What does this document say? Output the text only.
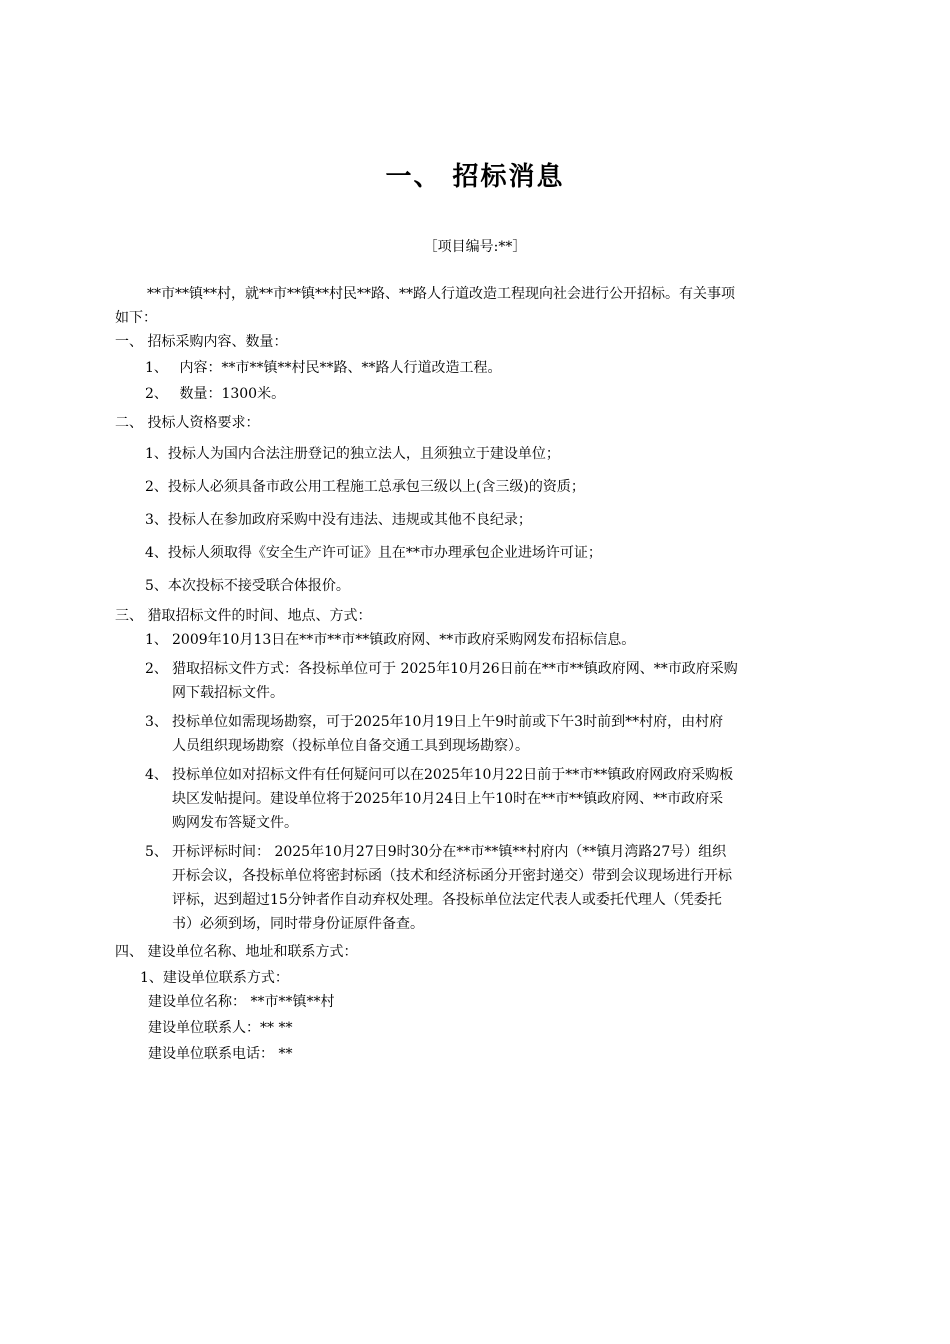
一、 招标消息
［项目编号:**］
**市**镇**村，就**市**镇**村民**路、**路人行道改造工程现向社会进行公开招标。有关事项
如下：
一、 招标采购内容、数量：
1、 内容：**市**镇**村民**路、**路人行道改造工程。
2、 数量：1300米。
二、 投标人资格要求：
1、投标人为国内合法注册登记的独立法人，且须独立于建设单位；
2、投标人必须具备市政公用工程施工总承包三级以上(含三级)的资质；
3、投标人在参加政府采购中没有违法、违规或其他不良纪录；
4、投标人须取得《安全生产许可证》且在**市办理承包企业进场许可证；
5、本次投标不接受联合体报价。
三、 猎取招标文件的时间、地点、方式：
1、 2009年10月13日在**市**市**镇政府网、**市政府采购网发布招标信息。
2、 猎取招标文件方式：各投标单位可于 2025年10月26日前在**市**镇政府网、**市政府采购
网下载招标文件。
3、 投标单位如需现场勘察，可于2025年10月19日上午9时前或下午3时前到**村府，由村府
人员组织现场勘察（投标单位自备交通工具到现场勘察）。
4、 投标单位如对招标文件有任何疑问可以在2025年10月22日前于**市**镇政府网政府采购板
块区发帖提问。建设单位将于2025年10月24日上午10时在**市**镇政府网、**市政府采
购网发布答疑文件。
5、 开标评标时间： 2025年10月27日9时30分在**市**镇**村府内（**镇月湾路27号）组织
开标会议，各投标单位将密封标函（技术和经济标函分开密封递交）带到会议现场进行开标
评标，迟到超过15分钟者作自动弃权处理。各投标单位法定代表人或委托代理人（凭委托
书）必须到场，同时带身份证原件备查。
四、 建设单位名称、地址和联系方式：
1、建设单位联系方式：
建设单位名称： **市**镇**村
建设单位联系人：** **
建设单位联系电话： **
